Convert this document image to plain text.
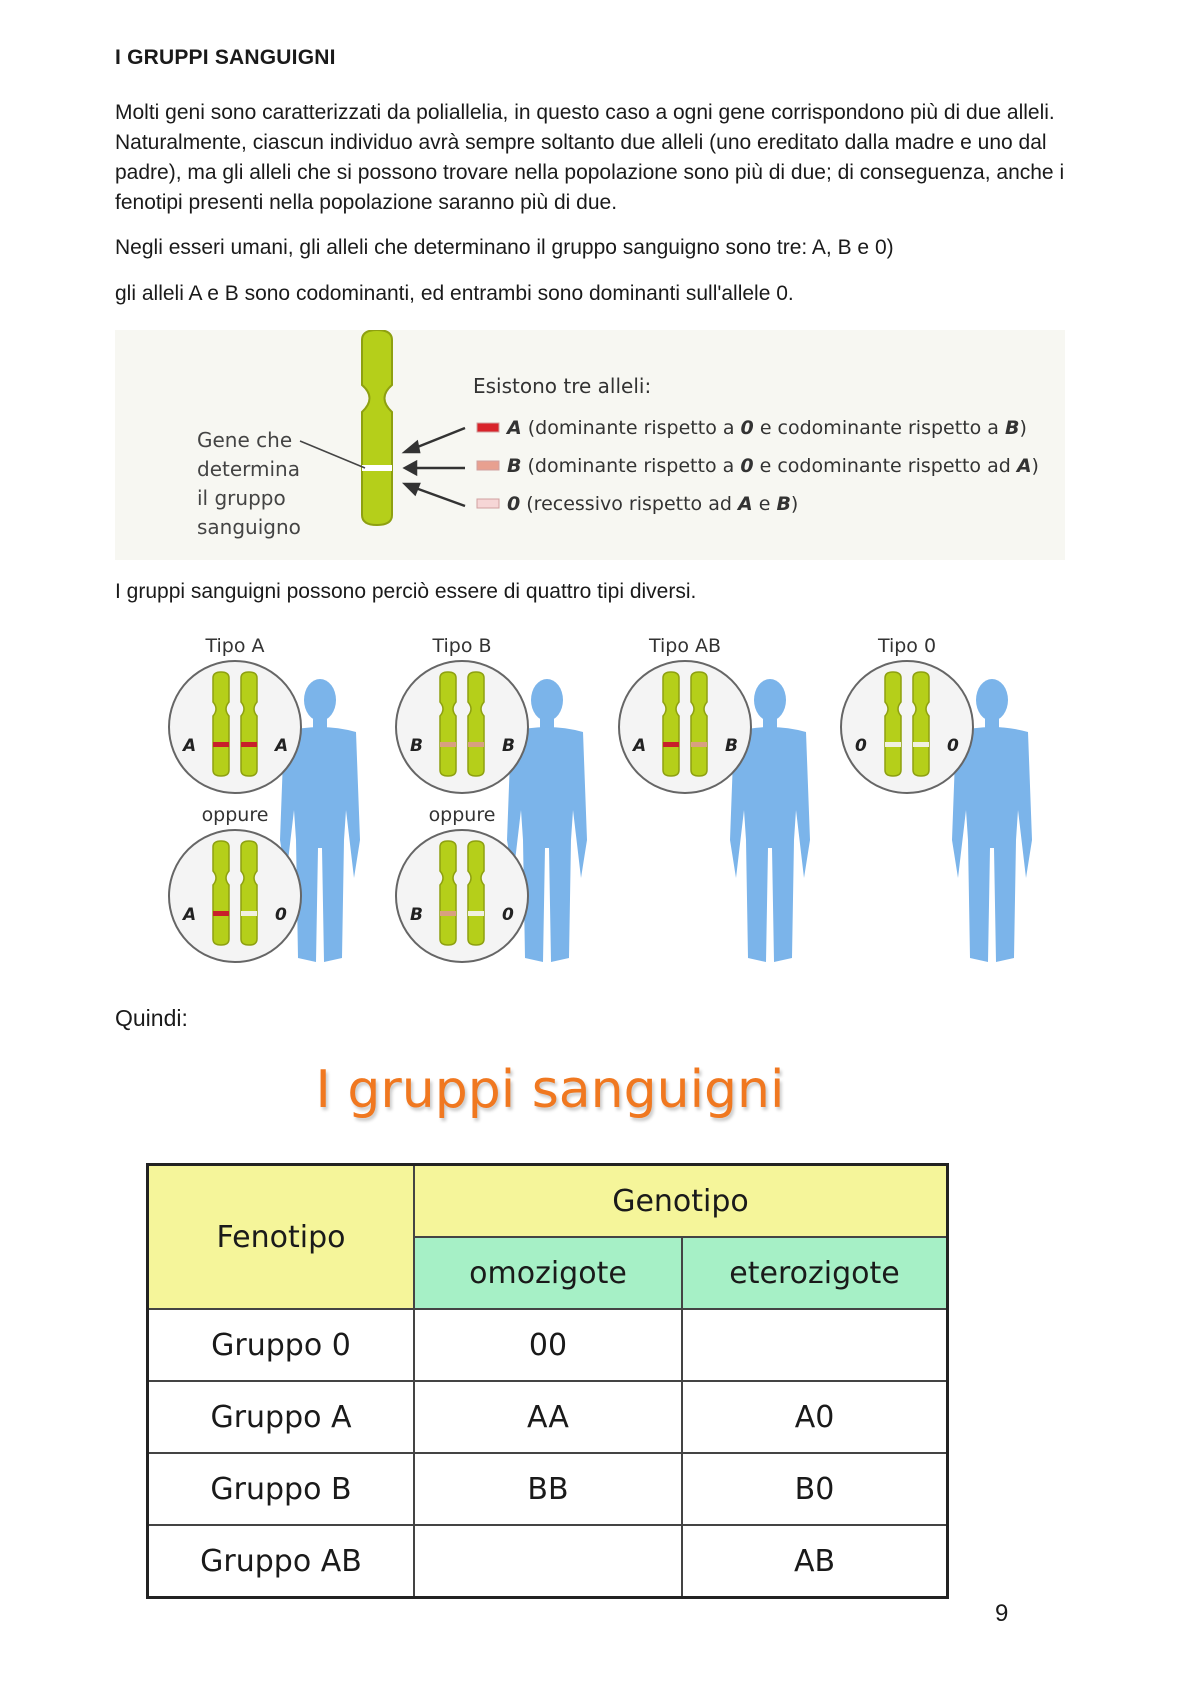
I GRUPPI SANGUIGNI

Molti geni sono caratterizzati da poliallelia, in questo caso a ogni gene corrispondono più di due alleli. Naturalmente, ciascun individuo avrà sempre soltanto due alleli (uno ereditato dalla madre e uno dal padre), ma gli alleli che si possono trovare nella popolazione sono più di due; di conseguenza, anche i fenotipi presenti nella popolazione saranno più di due.

Negli esseri umani, gli alleli che determinano il gruppo sanguigno sono tre: A, B e 0)

gli alleli A e B sono codominanti, ed entrambi sono dominanti sull'allele 0.

Gene che
determina
il gruppo
sanguigno
Esistono tre alleli:
A (dominante rispetto a 0 e codominante rispetto a B)
B (dominante rispetto a 0 e codominante rispetto ad A)
0 (recessivo rispetto ad A e B)

I gruppi sanguigni possono perciò essere di quattro tipi diversi.

Tipo A
A	A
oppure
A	0
Tipo B
B	B
oppure
B	0
Tipo AB
A	B
Tipo 0
0	0
Quindi:
I gruppi sanguigni
Fenotipo	Genotipo	
	omozigote	eterozigote
Gruppo 0	00	
Gruppo A	AA	A0
Gruppo B	BB	B0
Gruppo AB		AB
9
